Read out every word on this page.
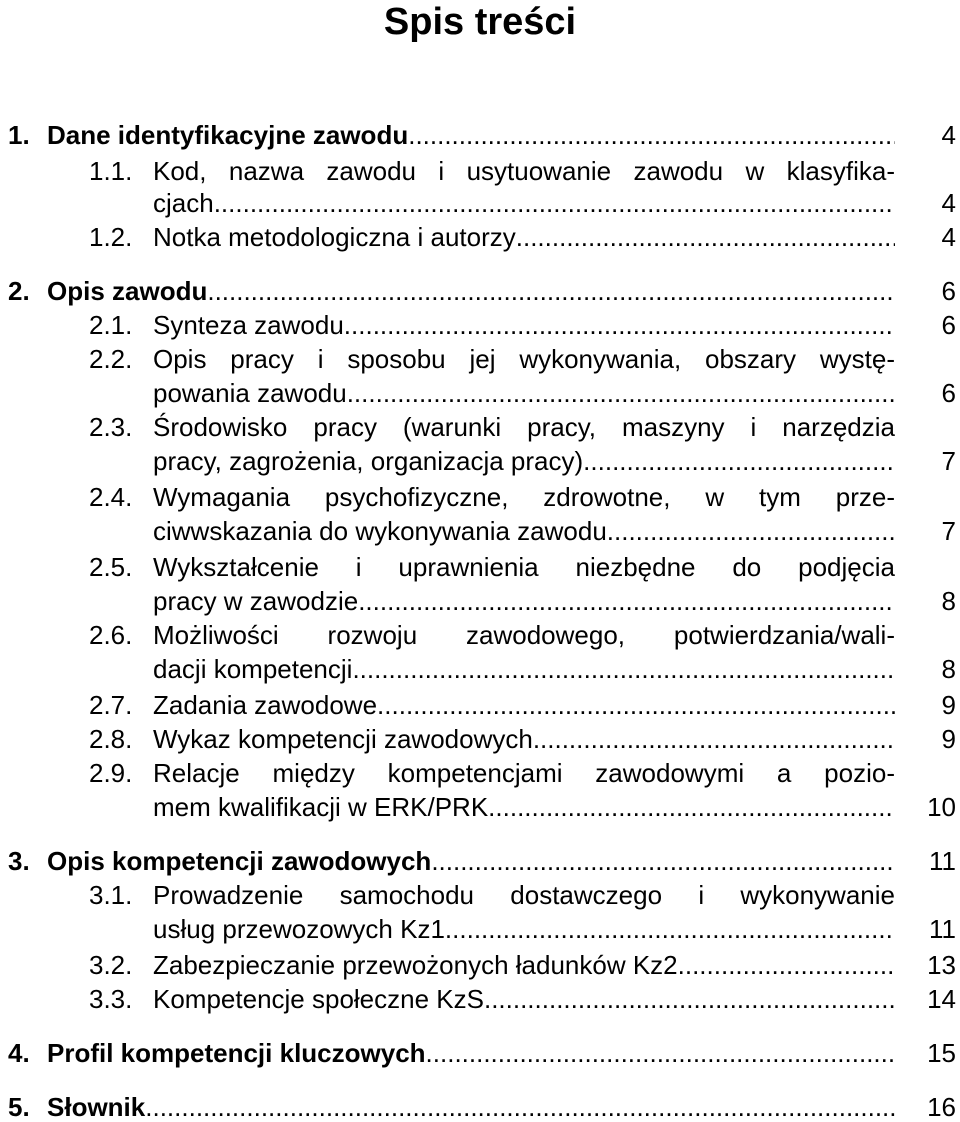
Spis treści
1. Dane identyfikacyjne zawodu .....	4
1.1. Kod, nazwa zawodu i usytuowanie zawodu w klasyfika-
cjach .....	4
1.2. Notka metodologiczna i autorzy .....	4
2. Opis zawodu .....	6
2.1. Synteza zawodu .....	6
2.2. Opis pracy i sposobu jej wykonywania, obszary wystę-
powania zawodu .....	6
2.3. Środowisko pracy (warunki pracy, maszyny i narzędzia
pracy, zagrożenia, organizacja pracy) .....	7
2.4. Wymagania psychofizyczne, zdrowotne, w tym prze-
ciwwskazania do wykonywania zawodu .....	7
2.5. Wykształcenie i uprawnienia niezbędne do podjęcia
pracy w zawodzie .....	8
2.6. Możliwości rozwoju zawodowego, potwierdzania/wali-
dacji kompetencji .....	8
2.7. Zadania zawodowe .....	9
2.8. Wykaz kompetencji zawodowych .....	9
2.9. Relacje między kompetencjami zawodowymi a pozio-
mem kwalifikacji w ERK/PRK .....	10
3. Opis kompetencji zawodowych .....	11
3.1. Prowadzenie samochodu dostawczego i wykonywanie
usług przewozowych Kz1 .....	11
3.2. Zabezpieczanie przewożonych ładunków Kz2 .....	13
3.3. Kompetencje społeczne KzS .....	14
4. Profil kompetencji kluczowych .....	15
5. Słownik .....	16
